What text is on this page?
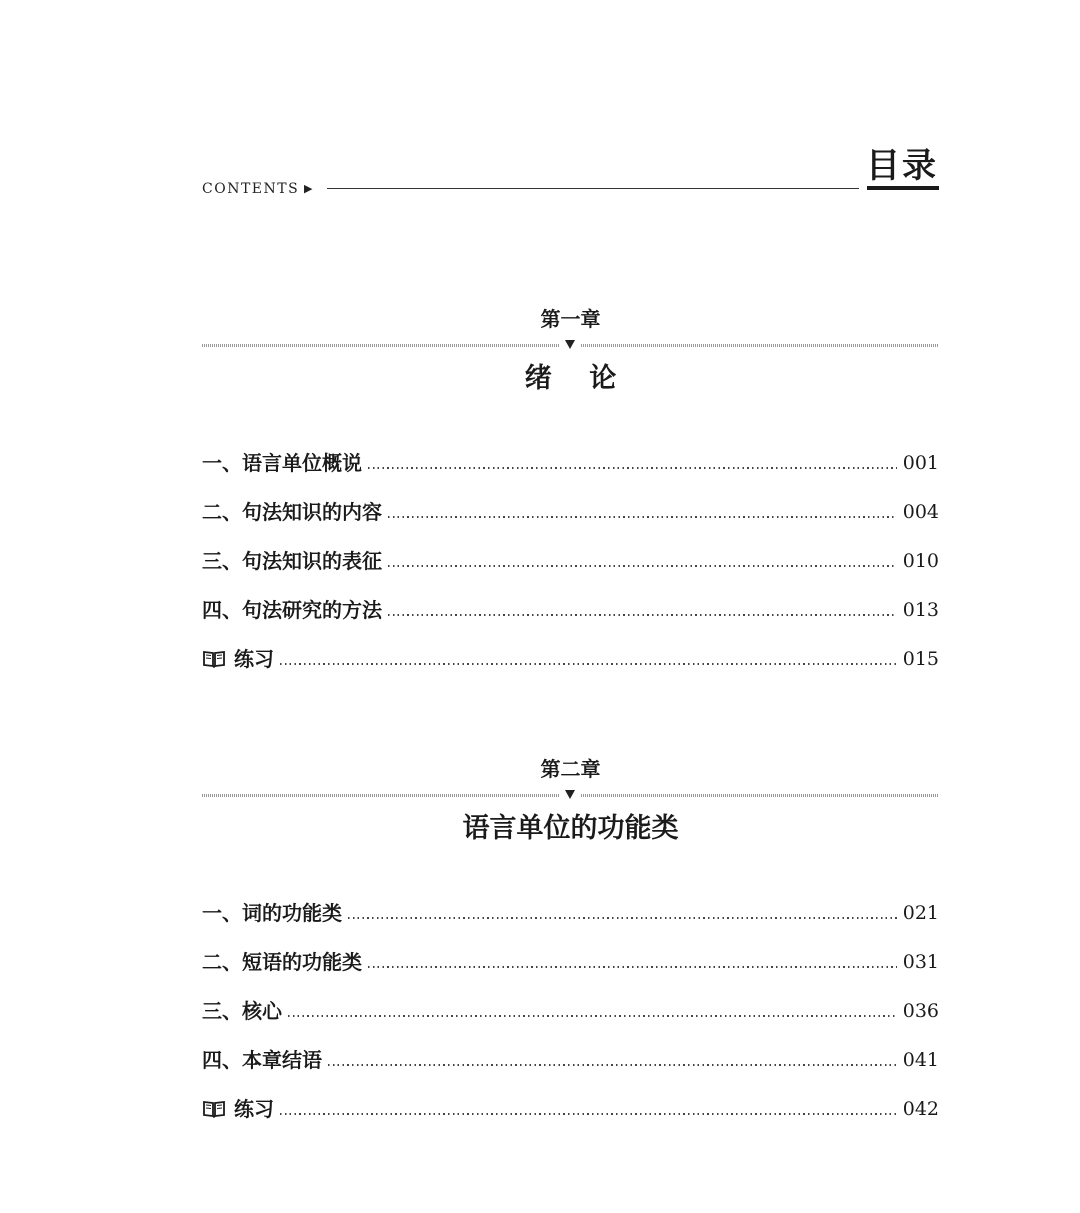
目录
CONTENTS ▶
第一章
绪 论
一、语言单位概说	001
二、句法知识的内容	004
三、句法知识的表征	010
四、句法研究的方法	013
练习	015
第二章
语言单位的功能类
一、词的功能类	021
二、短语的功能类	031
三、核心	036
四、本章结语	041
练习	042
